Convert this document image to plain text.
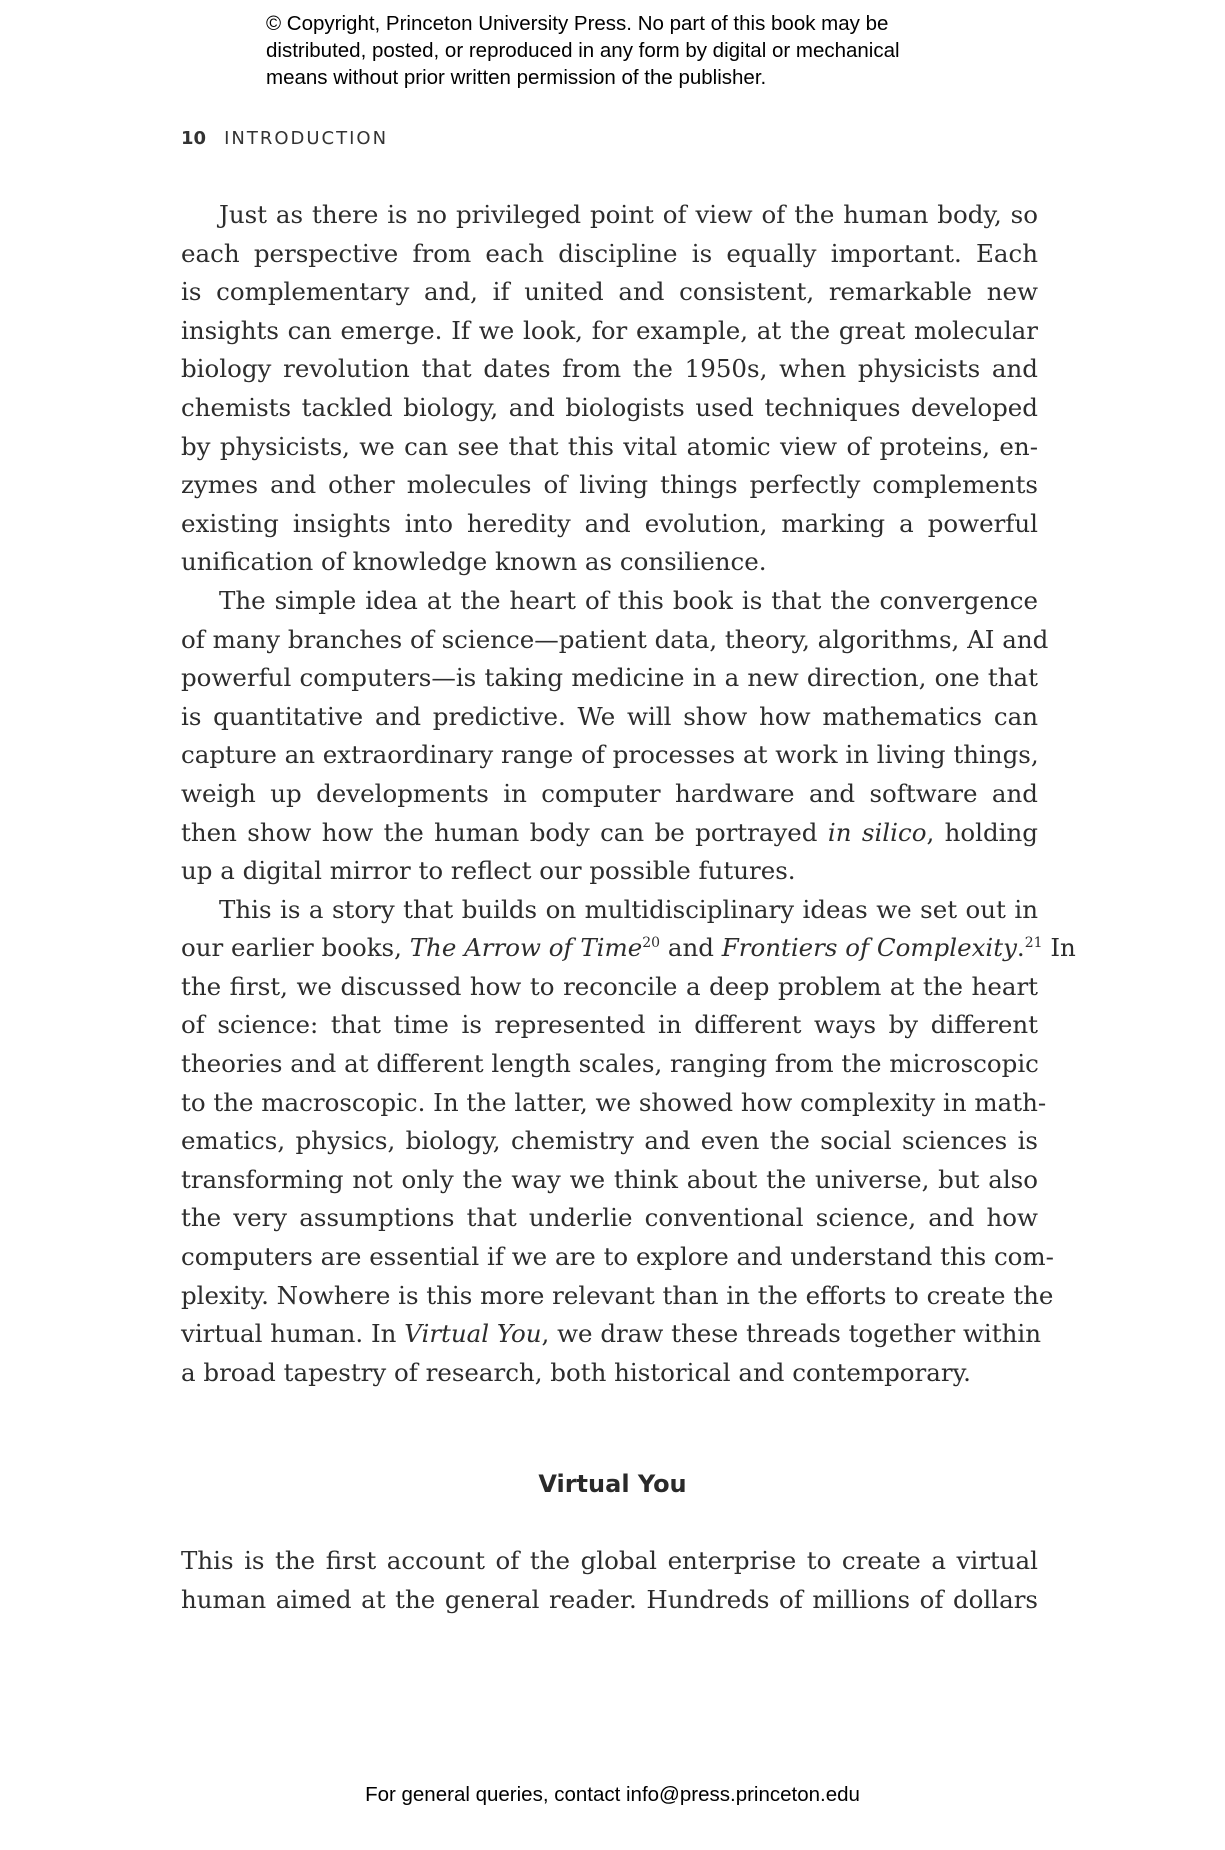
© Copyright, Princeton University Press. No part of this book may be
distributed, posted, or reproduced in any form by digital or mechanical
means without prior written permission of the publisher.
10 INTRODUCTION
Just as there is no privileged point of view of the human body, so
each perspective from each discipline is equally important. Each
is complementary and, if united and consistent, remarkable new
insights can emerge. If we look, for example, at the great molecular
biology revolution that dates from the 1950s, when physicists and
chemists tackled biology, and biologists used techniques developed
by physicists, we can see that this vital atomic view of proteins, en-
zymes and other molecules of living things perfectly complements
existing insights into heredity and evolution, marking a powerful
unification of knowledge known as consilience.
The simple idea at the heart of this book is that the convergence
of many branches of science—patient data, theory, algorithms, AI and
powerful computers—is taking medicine in a new direction, one that
is quantitative and predictive. We will show how mathematics can
capture an extraordinary range of processes at work in living things,
weigh up developments in computer hardware and software and
then show how the human body can be portrayed in silico, holding
up a digital mirror to reflect our possible futures.
This is a story that builds on multidisciplinary ideas we set out in
our earlier books, The Arrow of Time$^{20}$ and Frontiers of Complexity.$^{21}$ In
the first, we discussed how to reconcile a deep problem at the heart
of science: that time is represented in different ways by different
theories and at different length scales, ranging from the microscopic
to the macroscopic. In the latter, we showed how complexity in math-
ematics, physics, biology, chemistry and even the social sciences is
transforming not only the way we think about the universe, but also
the very assumptions that underlie conventional science, and how
computers are essential if we are to explore and understand this com-
plexity. Nowhere is this more relevant than in the efforts to create the
virtual human. In Virtual You, we draw these threads together within
a broad tapestry of research, both historical and contemporary.
Virtual You
This is the first account of the global enterprise to create a virtual
human aimed at the general reader. Hundreds of millions of dollars
For general queries, contact info@press.princeton.edu
